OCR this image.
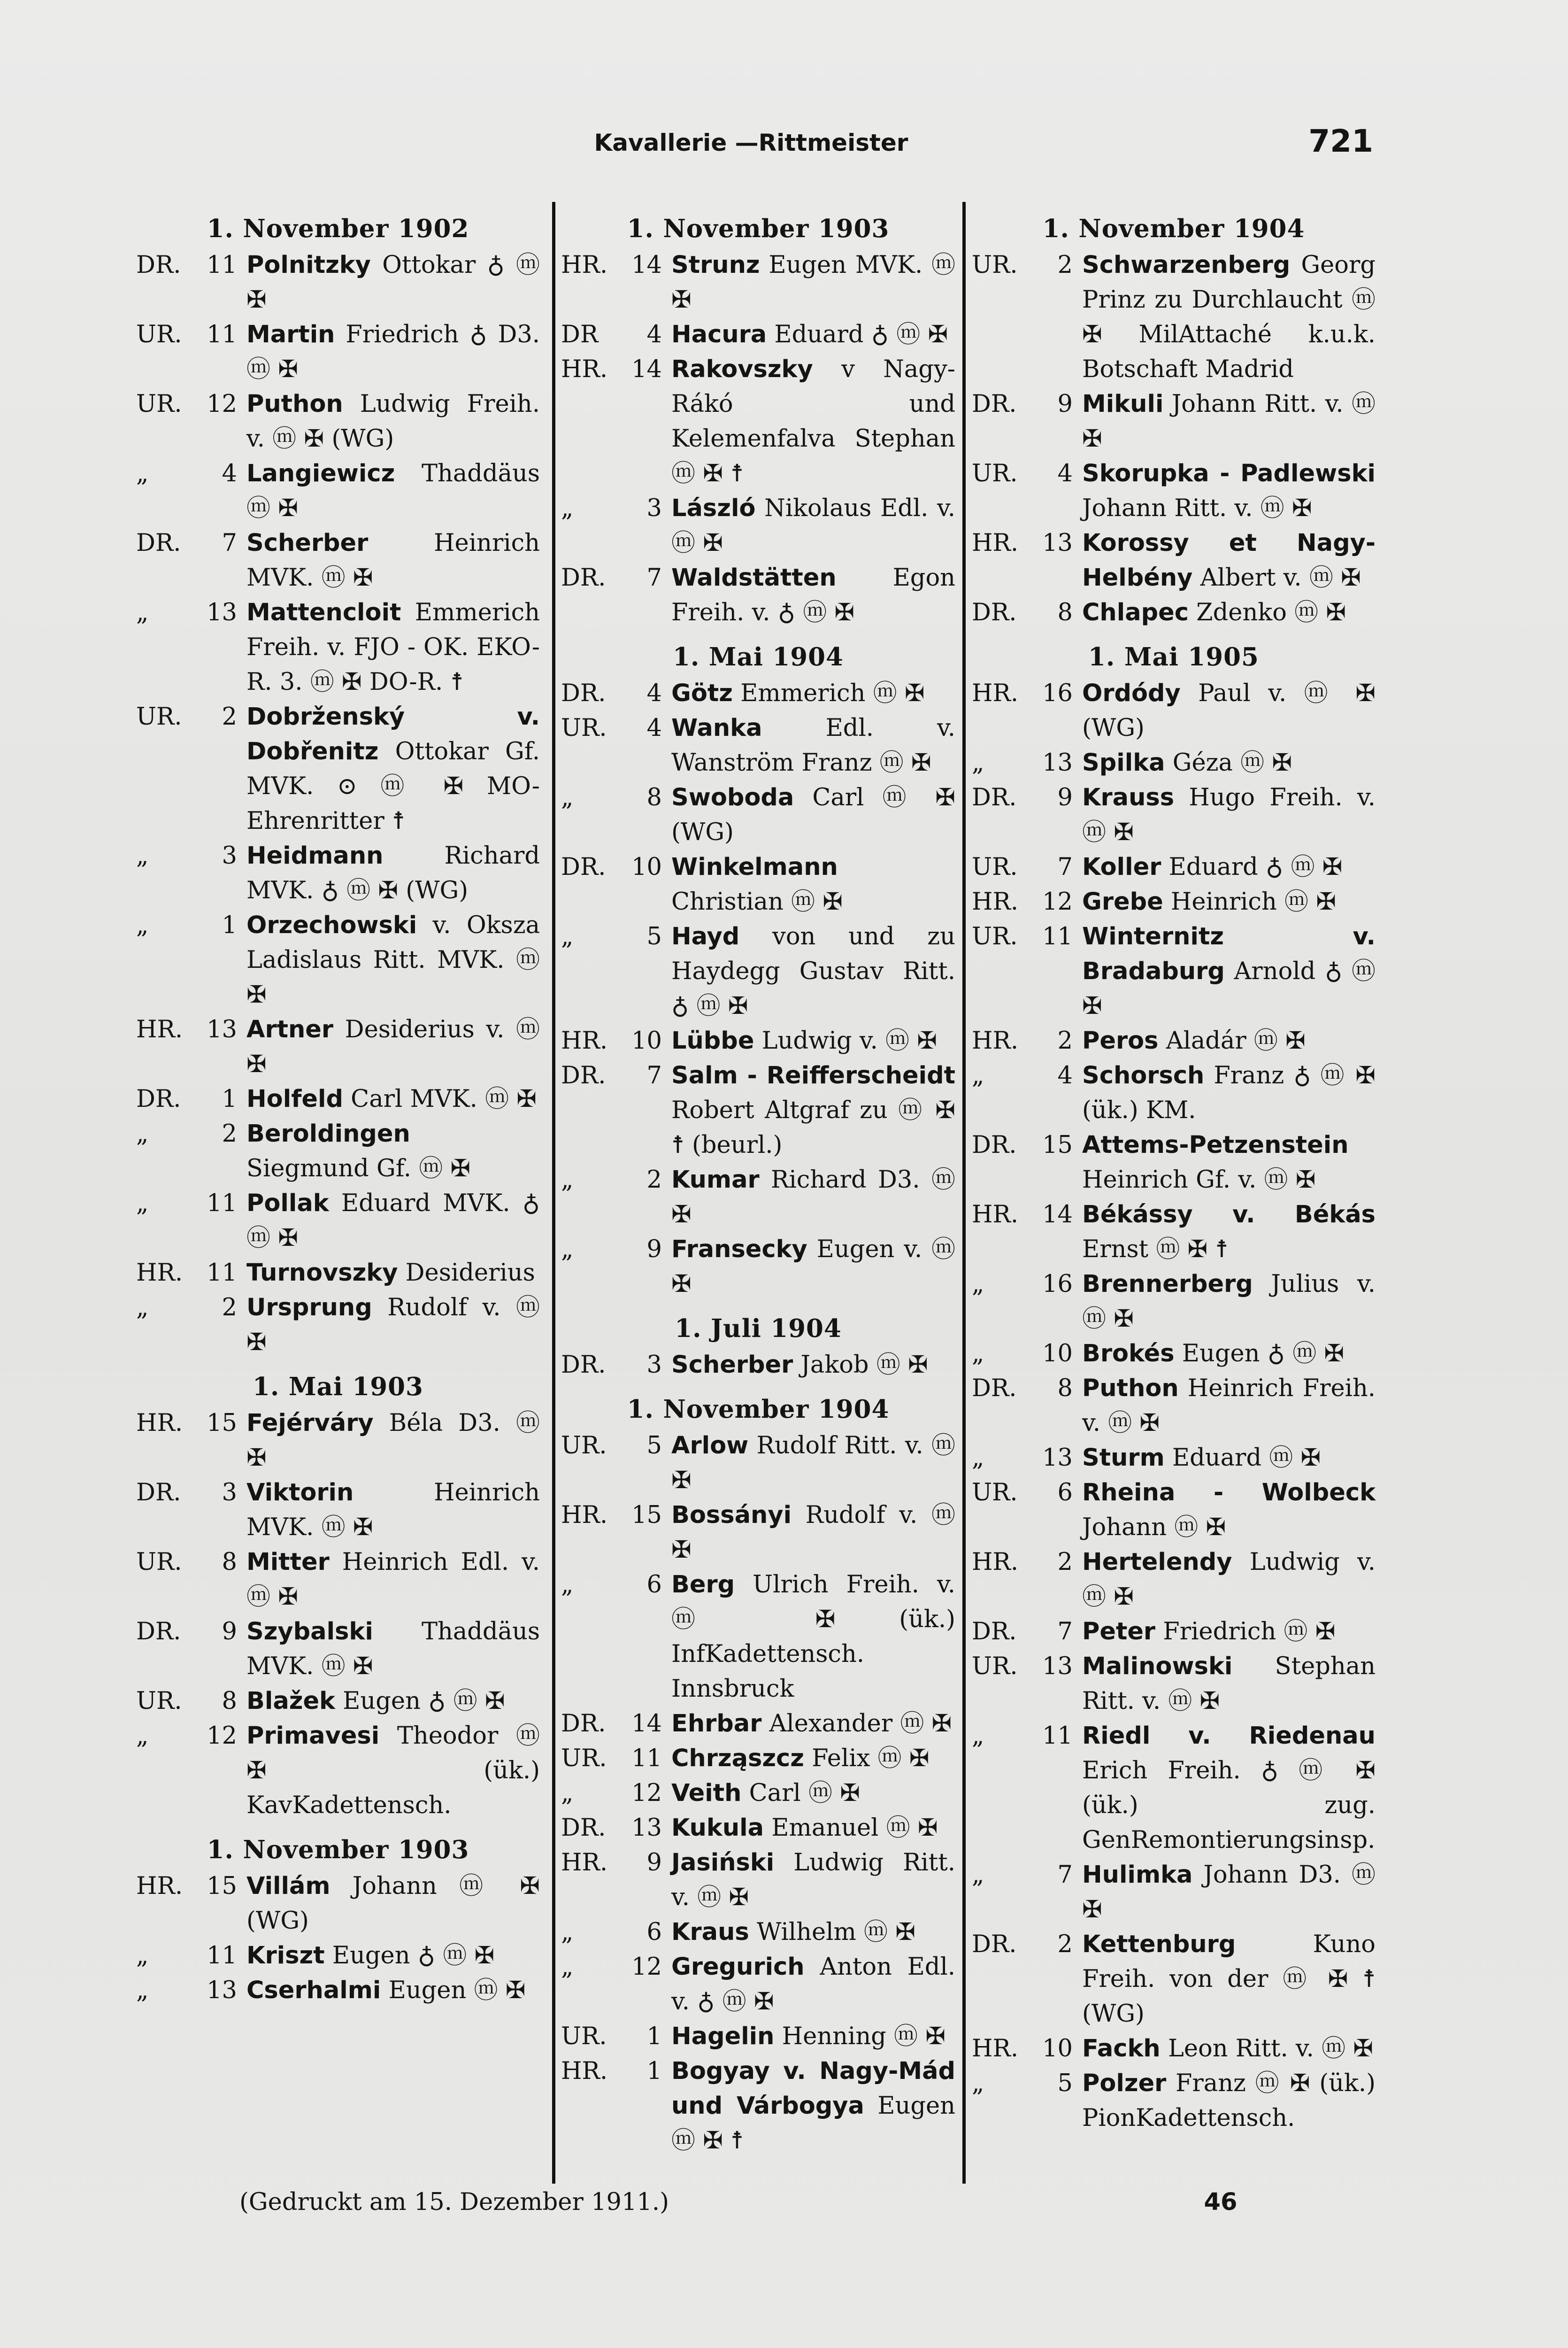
Kavallerie —Rittmeister	721
1. November 1902
DR.	11 Polnitzky Ottokar ♁ ⓜ ✠
UR.	11 Martin Friedrich ♁ D3. ⓜ ✠
UR.	12 Puthon Ludwig Freih. v. ⓜ ✠ (WG)
„	4 Langiewicz Thaddäus ⓜ ✠
DR.	7 Scherber Heinrich MVK. ⓜ ✠
„	13 Mattencloit Emmerich Freih. v. FJO - OK. EKO-R. 3. ⓜ ✠ DO-R. ☨
UR.	2 Dobrženský v. Dobřenitz Ottokar Gf. MVK. ⊙ ⓜ ✠ MO-Ehrenritter ☨
„	3 Heidmann Richard MVK. ♁ ⓜ ✠ (WG)
„	1 Orzechowski v. Oksza Ladislaus Ritt. MVK. ⓜ ✠
HR.	13 Artner Desiderius v. ⓜ ✠
DR.	1 Holfeld Carl MVK. ⓜ ✠
„	2 Beroldingen Siegmund Gf. ⓜ ✠
„	11 Pollak Eduard MVK. ♁ ⓜ ✠
HR.	11 Turnovszky Desiderius
„	2 Ursprung Rudolf v. ⓜ ✠
1. Mai 1903
HR.	15 Fejérváry Béla D3. ⓜ ✠
DR.	3 Viktorin Heinrich MVK. ⓜ ✠
UR.	8 Mitter Heinrich Edl. v. ⓜ ✠
DR.	9 Szybalski Thaddäus MVK. ⓜ ✠
UR.	8 Blažek Eugen ♁ ⓜ ✠
„	12 Primavesi Theodor ⓜ ✠ (ük.) KavKadettensch.
1. November 1903
HR.	15 Villám Johann ⓜ ✠ (WG)
„	11 Kriszt Eugen ♁ ⓜ ✠
„	13 Cserhalmi Eugen ⓜ ✠
1. November 1903
HR.	14 Strunz Eugen MVK. ⓜ ✠
DR	4 Hacura Eduard ♁ ⓜ ✠
HR.	14 Rakovszky v Nagy-Rákó und Kelemenfalva Stephan ⓜ ✠ ☨
„	3 László Nikolaus Edl. v. ⓜ ✠
DR.	7 Waldstätten Egon Freih. v. ♁ ⓜ ✠
1. Mai 1904
DR.	4 Götz Emmerich ⓜ ✠
UR.	4 Wanka Edl. v. Wanström Franz ⓜ ✠
„	8 Swoboda Carl ⓜ ✠ (WG)
DR.	10 Winkelmann Christian ⓜ ✠
„	5 Hayd von und zu Haydegg Gustav Ritt. ♁ ⓜ ✠
HR.	10 Lübbe Ludwig v. ⓜ ✠
DR.	7 Salm - Reifferscheidt Robert Altgraf zu ⓜ ✠ ☨ (beurl.)
„	2 Kumar Richard D3. ⓜ ✠
„	9 Fransecky Eugen v. ⓜ ✠
1. Juli 1904
DR.	3 Scherber Jakob ⓜ ✠
1. November 1904
UR.	5 Arlow Rudolf Ritt. v. ⓜ ✠
HR.	15 Bossányi Rudolf v. ⓜ ✠
„	6 Berg Ulrich Freih. v. ⓜ ✠ (ük.) InfKadettensch. Innsbruck
DR.	14 Ehrbar Alexander ⓜ ✠
UR.	11 Chrząszcz Felix ⓜ ✠
„	12 Veith Carl ⓜ ✠
DR.	13 Kukula Emanuel ⓜ ✠
HR.	9 Jasiński Ludwig Ritt. v. ⓜ ✠
„	6 Kraus Wilhelm ⓜ ✠
„	12 Gregurich Anton Edl. v. ♁ ⓜ ✠
UR.	1 Hagelin Henning ⓜ ✠
HR.	1 Bogyay v. Nagy-Mád und Várbogya Eugen ⓜ ✠ ☨
1. November 1904
UR.	2 Schwarzenberg Georg Prinz zu Durchlaucht ⓜ ✠ MilAttaché k.u.k. Botschaft Madrid
DR.	9 Mikuli Johann Ritt. v. ⓜ ✠
UR.	4 Skorupka - Padlewski Johann Ritt. v. ⓜ ✠
HR.	13 Korossy et Nagy-Helbény Albert v. ⓜ ✠
DR.	8 Chlapec Zdenko ⓜ ✠
1. Mai 1905
HR.	16 Ordódy Paul v. ⓜ ✠ (WG)
„	13 Spilka Géza ⓜ ✠
DR.	9 Krauss Hugo Freih. v. ⓜ ✠
UR.	7 Koller Eduard ♁ ⓜ ✠
HR.	12 Grebe Heinrich ⓜ ✠
UR.	11 Winternitz v. Bradaburg Arnold ♁ ⓜ ✠
HR.	2 Peros Aladár ⓜ ✠
„	4 Schorsch Franz ♁ ⓜ ✠ (ük.) KM.
DR.	15 Attems-Petzenstein Heinrich Gf. v. ⓜ ✠
HR.	14 Békássy v. Békás Ernst ⓜ ✠ ☨
„	16 Brennerberg Julius v. ⓜ ✠
„	10 Brokés Eugen ♁ ⓜ ✠
DR.	8 Puthon Heinrich Freih. v. ⓜ ✠
„	13 Sturm Eduard ⓜ ✠
UR.	6 Rheina - Wolbeck Johann ⓜ ✠
HR.	2 Hertelendy Ludwig v. ⓜ ✠
DR.	7 Peter Friedrich ⓜ ✠
UR.	13 Malinowski Stephan Ritt. v. ⓜ ✠
„	11 Riedl v. Riedenau Erich Freih. ♁ ⓜ ✠ (ük.) zug. GenRemontierungsinsp.
„	7 Hulimka Johann D3. ⓜ ✠
DR.	2 Kettenburg Kuno Freih. von der ⓜ ✠ ☨ (WG)
HR.	10 Fackh Leon Ritt. v. ⓜ ✠
„	5 Polzer Franz ⓜ ✠ (ük.) PionKadettensch.
(Gedruckt am 15. Dezember 1911.)	46
